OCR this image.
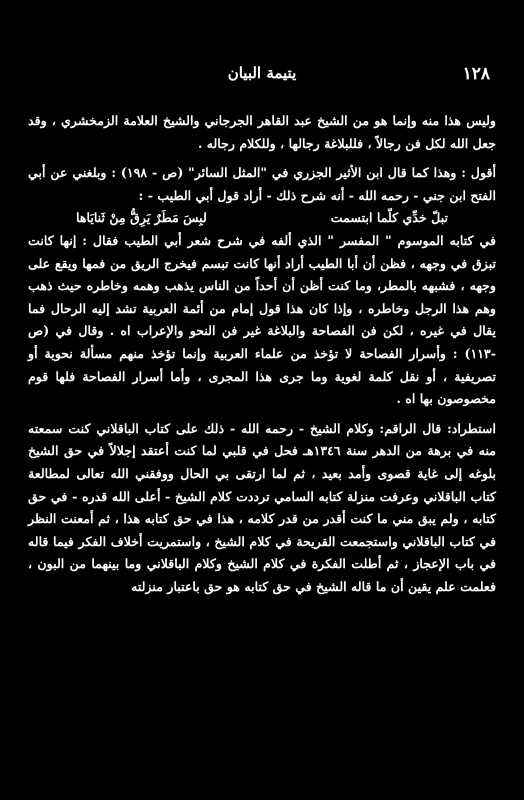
١٢٨
يتيمة البيان

وليس هذا منه وإنما هو من الشيخ عبد القاهر الجرجاني والشيخ العلامة الزمخشري ، وقد جعل الله لكل فن رجالاً ، فللبلاغة رجالها ، وللكلام رجاله .

أقول : وهذا كما قال ابن الأثير الجزري في "المثل السائر" (ص - ١٩٨) : وبلغني عن أبي الفتح ابن جني - رحمه الله - أنه شرح ذلك - أراد قول أبي الطيب - :

تبلّ خدِّي كلّما ابتسمت
لبِسَ مَطَرٌ يَرِقُّ مِنْ ثَنايَاها

في كتابه الموسوم " المفسر " الذي ألفه في شرح شعر أبي الطيب فقال : إنها كانت تبزق في وجهه ، فظن أن أبا الطيب أراد أنها كانت تبسم فيخرج الريق من فمها ويقع على وجهه ، فشبهه بالمطر، وما كنت أظن أن أحداً من الناس يذهب وهمه وخاطره حيث ذهب وهم هذا الرجل وخاطره ، وإذا كان هذا قول إمام من أئمة العربية تشد إليه الرحال فما يقال في غيره ، لكن فن الفصاحة والبلاغة غير فن النحو والإعراب اه . وقال في (ص -١١٣) : وأسرار الفصاحة لا تؤخذ من علماء العربية وإنما تؤخذ منهم مسألة نحوية أو تصريفية ، أو نقل كلمة لغوية وما جرى هذا المجرى ، وأما أسرار الفصاحة فلها قوم مخصوصون بها اه .

استطراد: قال الراقم: وكلام الشيخ - رحمه الله - ذلك على كتاب الباقلاني كنت سمعته منه في برهة من الدهر سنة ١٣٤٦هـ فحل في قلبي لما كنت أعتقد إجلالاً في حق الشيخ بلوغه إلى غاية قصوى وأمد بعيد ، ثم لما ارتقى بي الحال ووفقني الله تعالى لمطالعة كتاب الباقلاني وعرفت منزلة كتابه السامي ترددت كلام الشيخ - أعلى الله قدره - في حق كتابه ، ولم يبق مني ما كنت أقدر من قدر كلامه ، هذا في حق كتابه هذا ، ثم أمعنت النظر في كتاب الباقلاني واستجمعت القريحة في كلام الشيخ ، واستمريت أخلاف الفكر فيما قاله في باب الإعجاز ، ثم أطلت الفكرة في كلام الشيخ وكلام الباقلاني وما بينهما من البون ، فعلمت علم يقين أن ما قاله الشيخ في حق كتابه هو حق باعتبار منزلته
